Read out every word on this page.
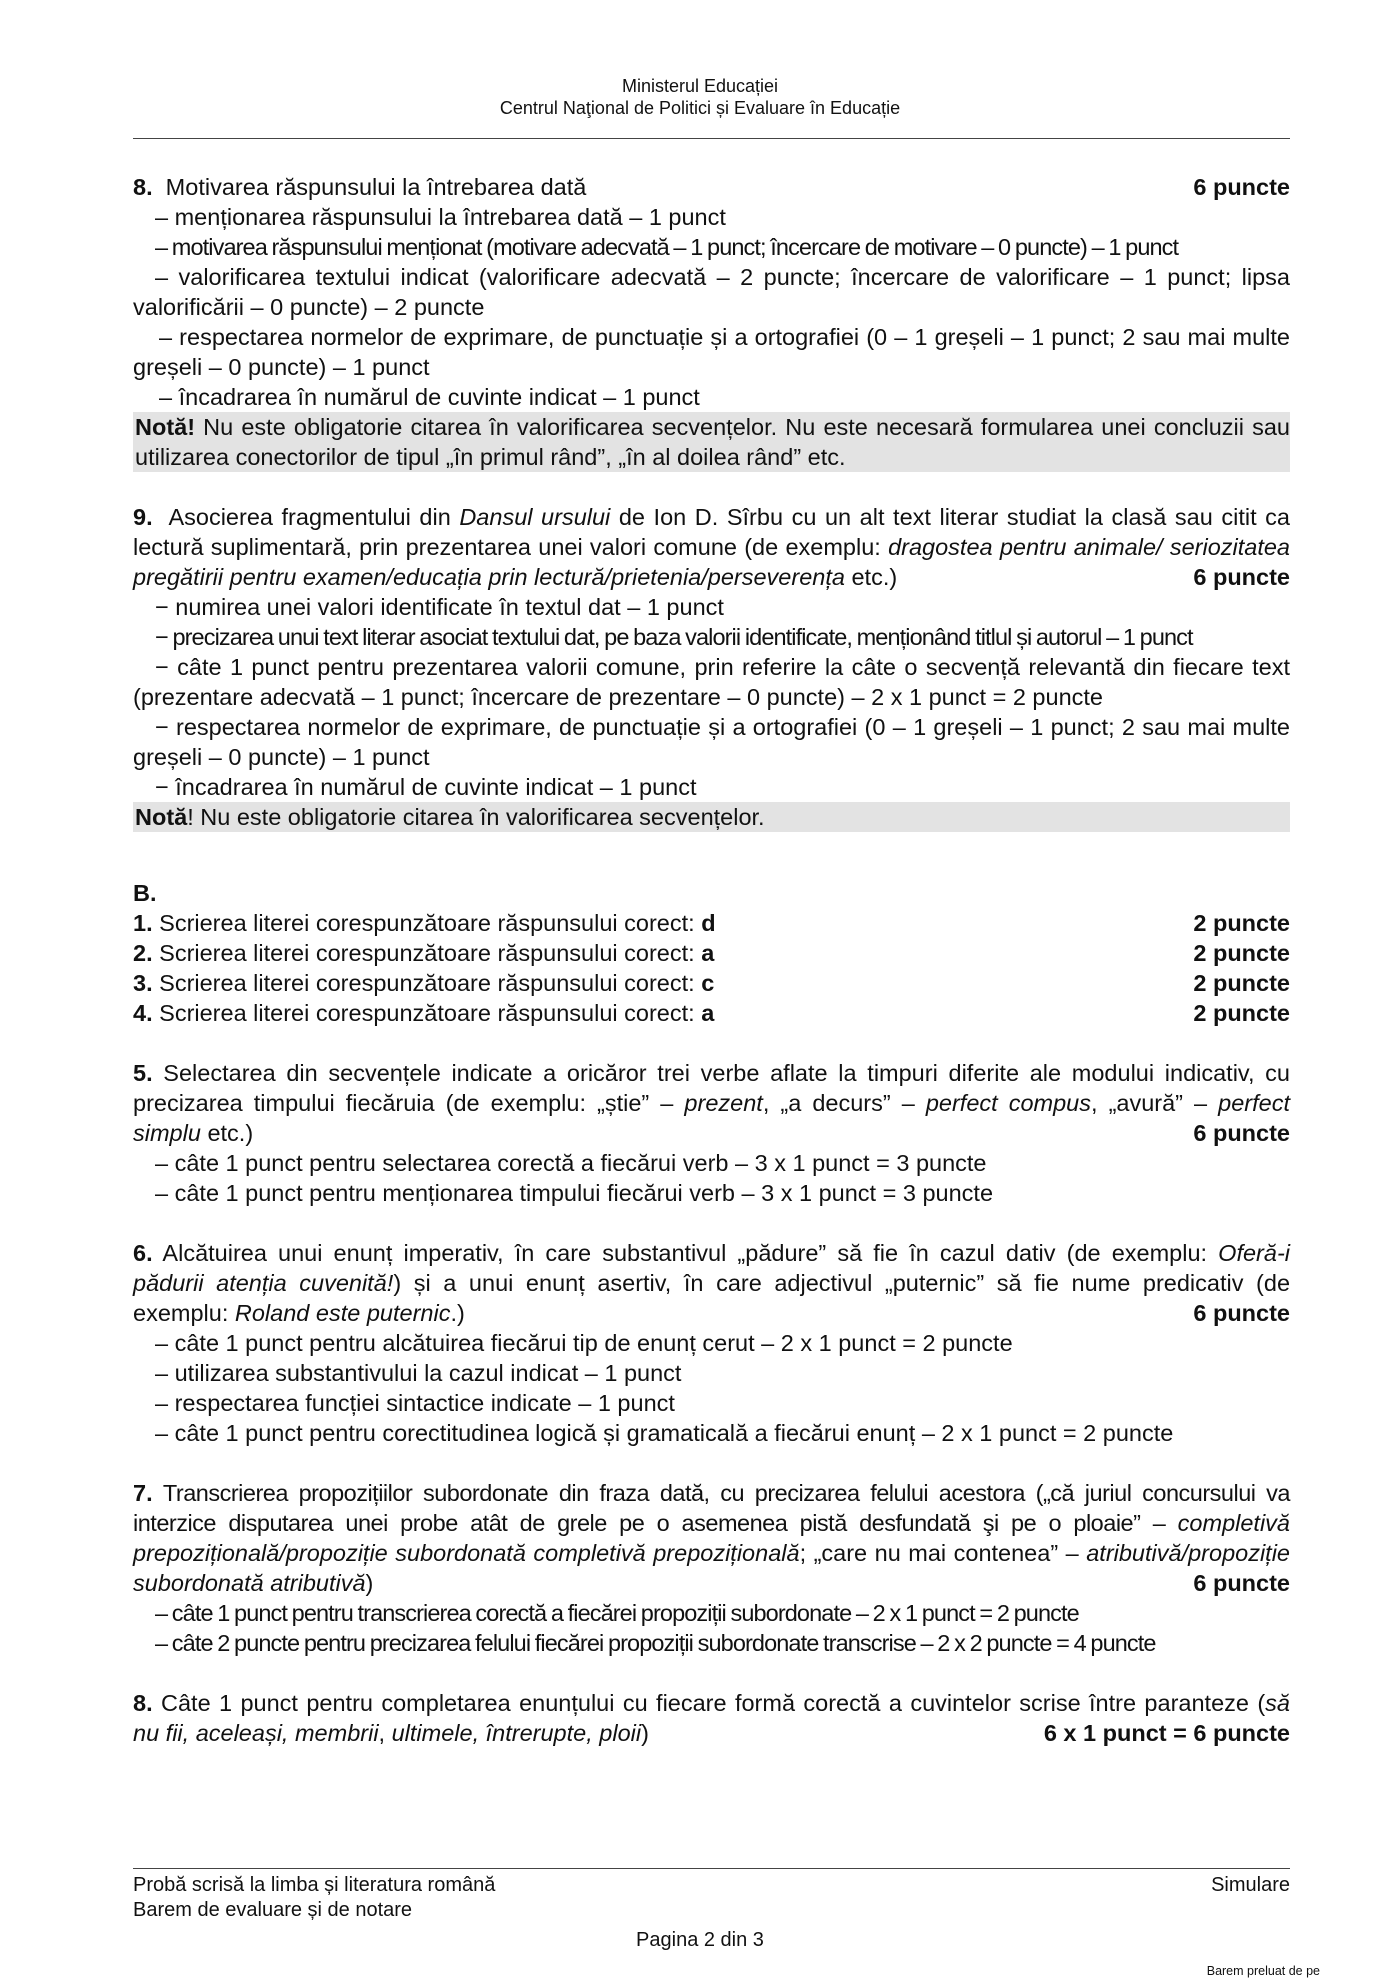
Ministerul Educației
Centrul Naţional de Politici și Evaluare în Educație
8. Motivarea răspunsului la întrebarea dată	6 puncte

– menționarea răspunsului la întrebarea dată – 1 punct

– motivarea răspunsului menționat (motivare adecvată – 1 punct; încercare de motivare – 0 puncte) – 1 punct

– valorificarea textului indicat (valorificare adecvată – 2 puncte; încercare de valorificare – 1 punct; lipsa valorificării – 0 puncte) – 2 puncte

– respectarea normelor de exprimare, de punctuație și a ortografiei (0 – 1 greșeli – 1 punct; 2 sau mai multe greșeli – 0 puncte) – 1 punct

– încadrarea în numărul de cuvinte indicat – 1 punct

Notă! Nu este obligatorie citarea în valorificarea secvențelor. Nu este necesară formularea unei concluzii sau utilizarea conectorilor de tipul „în primul rând”, „în al doilea rând” etc.

9. Asocierea fragmentului din Dansul ursului de Ion D. Sîrbu cu un alt text literar studiat la clasă sau citit ca lectură suplimentară, prin prezentarea unei valori comune (de exemplu: dragostea pentru animale/ seriozitatea pregătirii pentru examen/educația prin lectură/prietenia/perseverența etc.)	6 puncte

− numirea unei valori identificate în textul dat – 1 punct

− precizarea unui text literar asociat textului dat, pe baza valorii identificate, menționând titlul și autorul – 1 punct

− câte 1 punct pentru prezentarea valorii comune, prin referire la câte o secvență relevantă din fiecare text (prezentare adecvată – 1 punct; încercare de prezentare – 0 puncte) – 2 x 1 punct = 2 puncte

− respectarea normelor de exprimare, de punctuație și a ortografiei (0 – 1 greșeli – 1 punct; 2 sau mai multe greșeli – 0 puncte) – 1 punct

− încadrarea în numărul de cuvinte indicat – 1 punct

Notă! Nu este obligatorie citarea în valorificarea secvențelor.

B.

1. Scrierea literei corespunzătoare răspunsului corect: d	2 puncte
2. Scrierea literei corespunzătoare răspunsului corect: a	2 puncte
3. Scrierea literei corespunzătoare răspunsului corect: c	2 puncte
4. Scrierea literei corespunzătoare răspunsului corect: a	2 puncte

5. Selectarea din secvențele indicate a oricăror trei verbe aflate la timpuri diferite ale modului indicativ, cu precizarea timpului fiecăruia (de exemplu: „știe” – prezent, „a decurs” – perfect compus, „avură” – perfect simplu etc.)	6 puncte

– câte 1 punct pentru selectarea corectă a fiecărui verb – 3 x 1 punct = 3 puncte

– câte 1 punct pentru menționarea timpului fiecărui verb – 3 x 1 punct = 3 puncte

6. Alcătuirea unui enunț imperativ, în care substantivul „pădure” să fie în cazul dativ (de exemplu: Oferă-i pădurii atenția cuvenită!) și a unui enunț asertiv, în care adjectivul „puternic” să fie nume predicativ (de exemplu: Roland este puternic.)	6 puncte

– câte 1 punct pentru alcătuirea fiecărui tip de enunț cerut – 2 x 1 punct = 2 puncte

– utilizarea substantivului la cazul indicat – 1 punct

– respectarea funcției sintactice indicate – 1 punct

– câte 1 punct pentru corectitudinea logică și gramaticală a fiecărui enunț – 2 x 1 punct = 2 puncte

7. Transcrierea propozițiilor subordonate din fraza dată, cu precizarea felului acestora („că juriul concursului va interzice disputarea unei probe atât de grele pe o asemenea pistă desfundată şi pe o ploaie” – completivă prepozițională/propoziție subordonată completivă prepozițională; „care nu mai contenea” – atributivă/propoziție subordonată atributivă)	6 puncte

– câte 1 punct pentru transcrierea corectă a fiecărei propoziții subordonate – 2 x 1 punct = 2 puncte

– câte 2 puncte pentru precizarea felului fiecărei propoziții subordonate transcrise – 2 x 2 puncte = 4 puncte

8. Câte 1 punct pentru completarea enunțului cu fiecare formă corectă a cuvintelor scrise între paranteze (să nu fii, aceleași, membrii, ultimele, întrerupte, ploii)	6 x 1 punct = 6 puncte

Probă scrisă la limba și literatura română
Barem de evaluare și de notare
Simulare
Pagina 2 din 3
Barem preluat de pe
